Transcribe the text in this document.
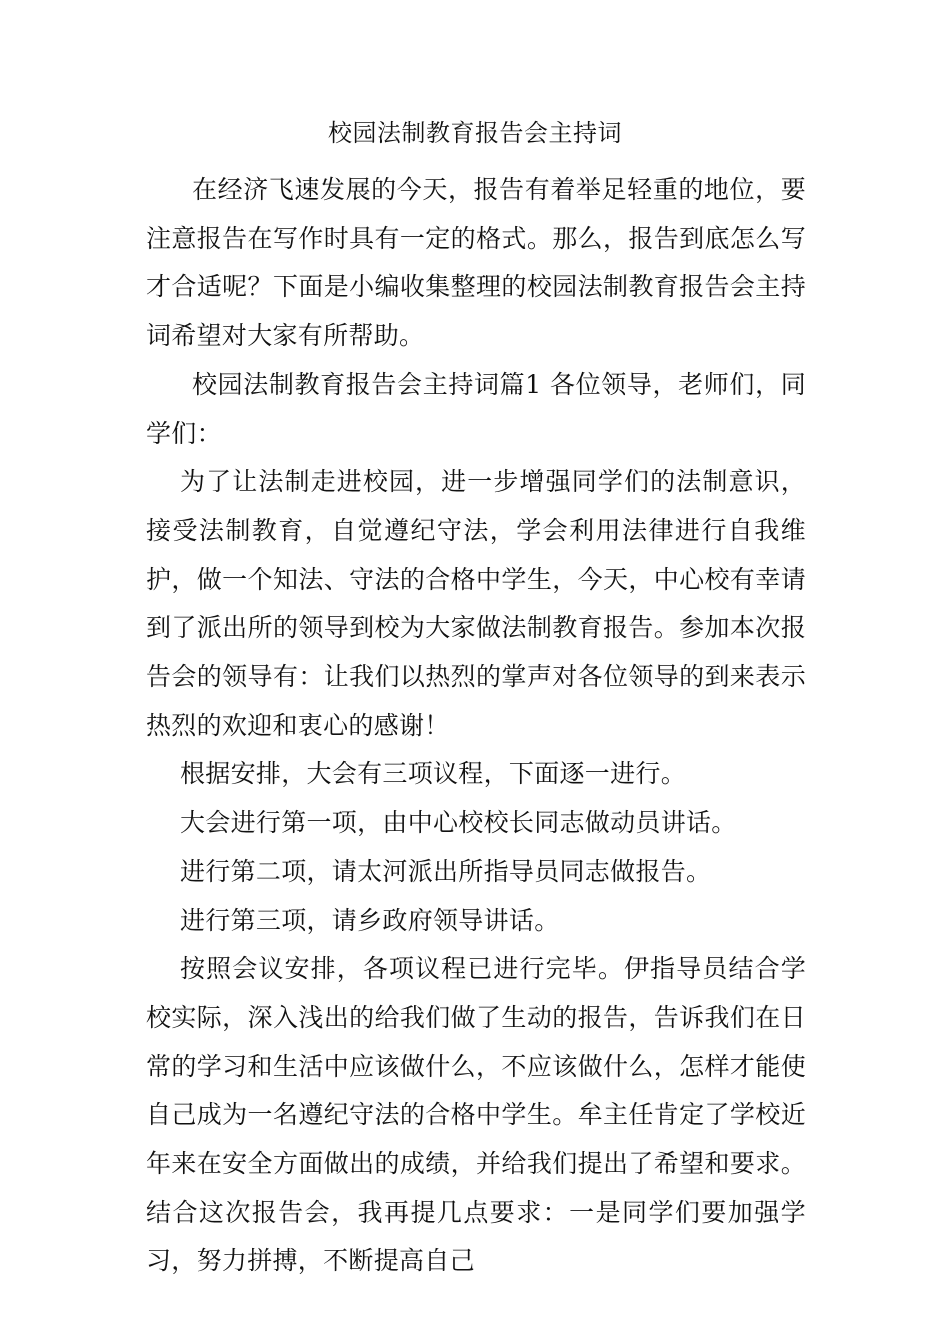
校园法制教育报告会主持词

在经济飞速发展的今天，报告有着举足轻重的地位，要注意报告在写作时具有一定的格式。那么，报告到底怎么写才合适呢？下面是小编收集整理的校园法制教育报告会主持词希望对大家有所帮助。

校园法制教育报告会主持词篇1 各位领导，老师们，同学们：

为了让法制走进校园，进一步增强同学们的法制意识，接受法制教育，自觉遵纪守法，学会利用法律进行自我维护，做一个知法、守法的合格中学生，今天，中心校有幸请到了派出所的领导到校为大家做法制教育报告。参加本次报告会的领导有：让我们以热烈的掌声对各位领导的到来表示热烈的欢迎和衷心的感谢！

根据安排，大会有三项议程，下面逐一进行。

大会进行第一项，由中心校校长同志做动员讲话。

进行第二项，请太河派出所指导员同志做报告。

进行第三项，请乡政府领导讲话。

按照会议安排，各项议程已进行完毕。伊指导员结合学校实际，深入浅出的给我们做了生动的报告，告诉我们在日常的学习和生活中应该做什么，不应该做什么，怎样才能使自己成为一名遵纪守法的合格中学生。牟主任肯定了学校近年来在安全方面做出的成绩，并给我们提出了希望和要求。结合这次报告会，我再提几点要求：一是同学们要加强学习，努力拼搏，不断提高自己
